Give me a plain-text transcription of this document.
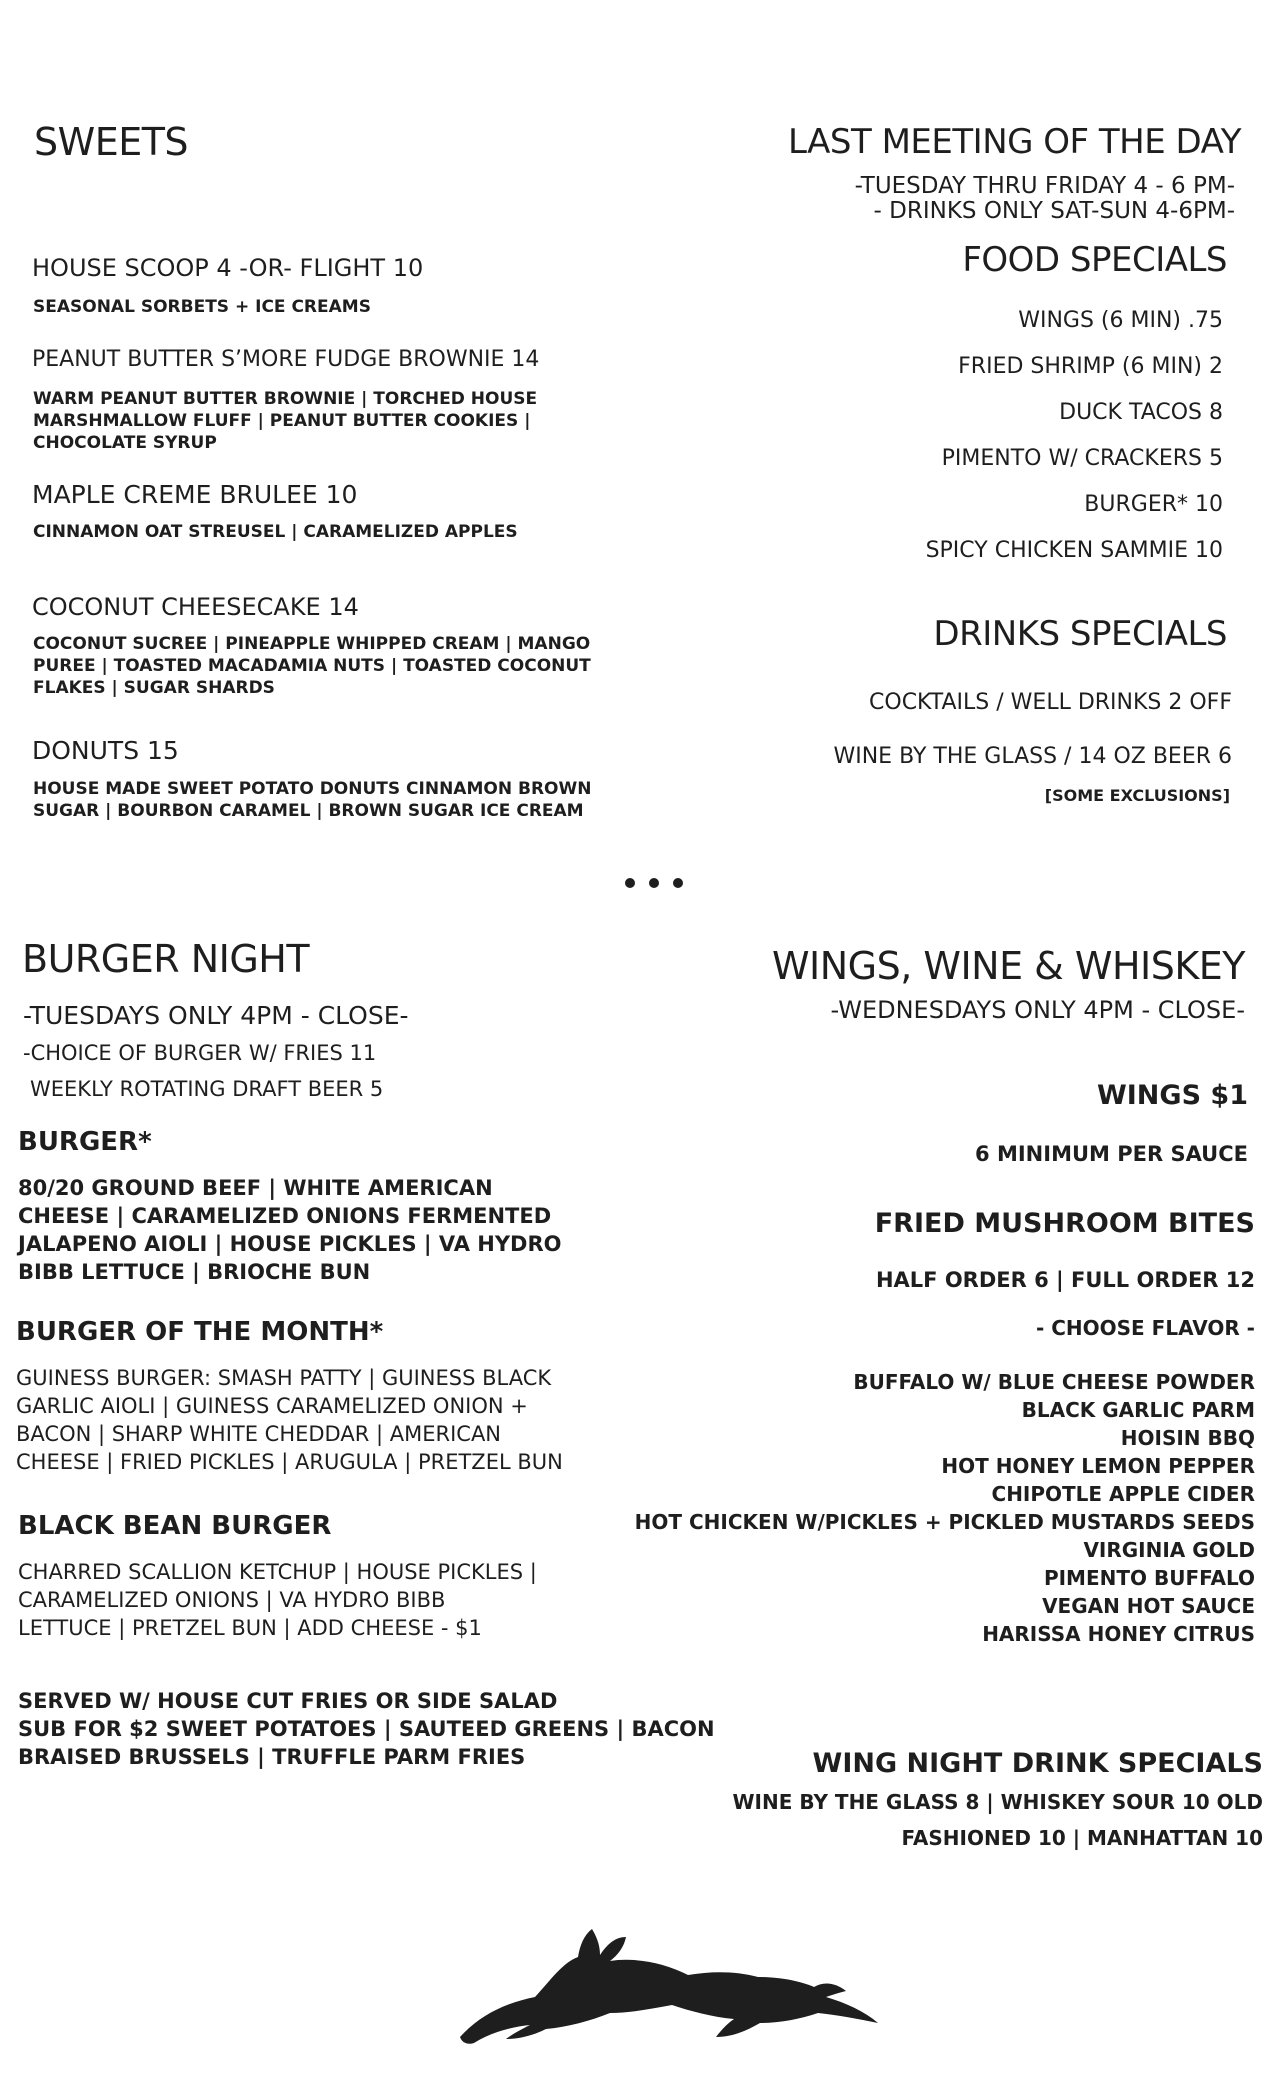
SWEETS
HOUSE SCOOP 4 -OR- FLIGHT 10
SEASONAL SORBETS + ICE CREAMS
PEANUT BUTTER S’MORE FUDGE BROWNIE 14
WARM PEANUT BUTTER BROWNIE | TORCHED HOUSE MARSHMALLOW FLUFF | PEANUT BUTTER COOKIES | CHOCOLATE SYRUP
MAPLE CREME BRULEE 10
CINNAMON OAT STREUSEL | CARAMELIZED APPLES
COCONUT CHEESECAKE 14
COCONUT SUCREE | PINEAPPLE WHIPPED CREAM | MANGO PUREE | TOASTED MACADAMIA NUTS | TOASTED COCONUT FLAKES | SUGAR SHARDS
DONUTS 15
HOUSE MADE SWEET POTATO DONUTS CINNAMON BROWN SUGAR | BOURBON CARAMEL | BROWN SUGAR ICE CREAM
LAST MEETING OF THE DAY
-TUESDAY THRU FRIDAY 4 - 6 PM-
- DRINKS ONLY SAT-SUN 4-6PM-
FOOD SPECIALS
WINGS (6 MIN) .75
FRIED SHRIMP (6 MIN) 2
DUCK TACOS 8
PIMENTO W/ CRACKERS 5
BURGER* 10
SPICY CHICKEN SAMMIE 10
DRINKS SPECIALS
COCKTAILS / WELL DRINKS 2 OFF
WINE BY THE GLASS / 14 OZ BEER 6
[SOME EXCLUSIONS]
BURGER NIGHT
-TUESDAYS ONLY 4PM - CLOSE-
-CHOICE OF BURGER W/ FRIES 11
WEEKLY ROTATING DRAFT BEER 5
BURGER*
80/20 GROUND BEEF | WHITE AMERICAN CHEESE | CARAMELIZED ONIONS FERMENTED JALAPENO AIOLI | HOUSE PICKLES | VA HYDRO BIBB LETTUCE | BRIOCHE BUN
BURGER OF THE MONTH*
GUINESS BURGER: SMASH PATTY | GUINESS BLACK GARLIC AIOLI | GUINESS CARAMELIZED ONION + BACON | SHARP WHITE CHEDDAR | AMERICAN CHEESE | FRIED PICKLES | ARUGULA | PRETZEL BUN
BLACK BEAN BURGER
CHARRED SCALLION KETCHUP | HOUSE PICKLES | CARAMELIZED ONIONS | VA HYDRO BIBB LETTUCE | PRETZEL BUN | ADD CHEESE - $1
SERVED W/ HOUSE CUT FRIES OR SIDE SALAD
SUB FOR $2 SWEET POTATOES | SAUTEED GREENS | BACON
BRAISED BRUSSELS | TRUFFLE PARM FRIES
WINGS, WINE & WHISKEY
-WEDNESDAYS ONLY 4PM - CLOSE-
WINGS $1
6 MINIMUM PER SAUCE
FRIED MUSHROOM BITES
HALF ORDER 6 | FULL ORDER 12
- CHOOSE FLAVOR -
BUFFALO W/ BLUE CHEESE POWDER
BLACK GARLIC PARM
HOISIN BBQ
HOT HONEY LEMON PEPPER
CHIPOTLE APPLE CIDER
HOT CHICKEN W/PICKLES + PICKLED MUSTARDS SEEDS
VIRGINIA GOLD
PIMENTO BUFFALO
VEGAN HOT SAUCE
HARISSA HONEY CITRUS
WING NIGHT DRINK SPECIALS
WINE BY THE GLASS 8 | WHISKEY SOUR 10 OLD
FASHIONED 10 | MANHATTAN 10
